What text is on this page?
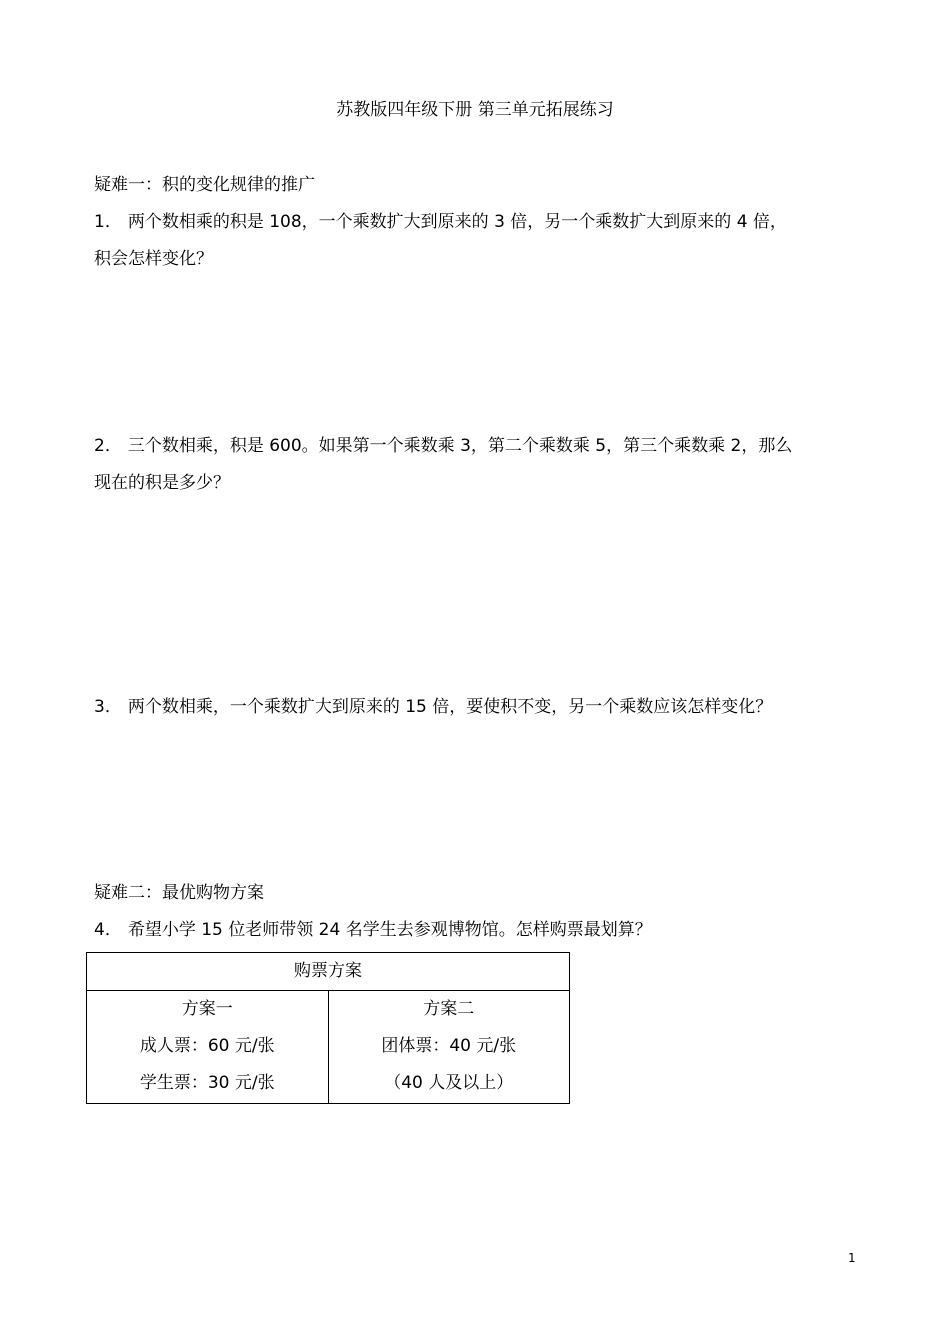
苏教版四年级下册 第三单元拓展练习
疑难一：积的变化规律的推广
1． 两个数相乘的积是 108，一个乘数扩大到原来的 3 倍，另一个乘数扩大到原来的 4 倍，
积会怎样变化？
2． 三个数相乘，积是 600。如果第一个乘数乘 3，第二个乘数乘 5，第三个乘数乘 2，那么
现在的积是多少？
3． 两个数相乘，一个乘数扩大到原来的 15 倍，要使积不变，另一个乘数应该怎样变化？
疑难二：最优购物方案
4． 希望小学 15 位老师带领 24 名学生去参观博物馆。怎样购票最划算？
购票方案

方案一
成人票：60 元/张
学生票：30 元/张

方案二
团体票：40 元/张
（40 人及以上）
1
